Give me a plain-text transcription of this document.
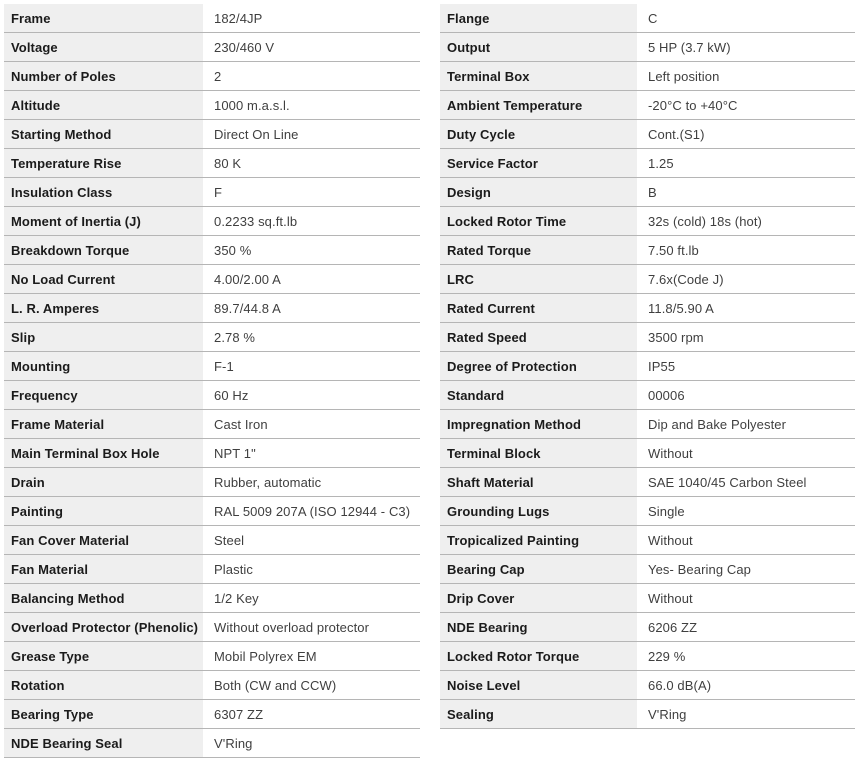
Frame	182/4JP
Voltage	230/460 V
Number of Poles	2
Altitude	1000 m.a.s.l.
Starting Method	Direct On Line
Temperature Rise	80 K
Insulation Class	F
Moment of Inertia (J)	0.2233 sq.ft.lb
Breakdown Torque	350 %
No Load Current	4.00/2.00 A
L. R. Amperes	89.7/44.8 A
Slip	2.78 %
Mounting	F-1
Frequency	60 Hz
Frame Material	Cast Iron
Main Terminal Box Hole	NPT 1"
Drain	Rubber, automatic
Painting	RAL 5009 207A (ISO 12944 - C3)
Fan Cover Material	Steel
Fan Material	Plastic
Balancing Method	1/2 Key
Overload Protector (Phenolic)	Without overload protector
Grease Type	Mobil Polyrex EM
Rotation	Both (CW and CCW)
Bearing Type	6307 ZZ
NDE Bearing Seal	V'Ring
Flange	C
Output	5 HP (3.7 kW)
Terminal Box	Left position
Ambient Temperature	-20°C to +40°C
Duty Cycle	Cont.(S1)
Service Factor	1.25
Design	B
Locked Rotor Time	32s (cold) 18s (hot)
Rated Torque	7.50 ft.lb
LRC	7.6x(Code J)
Rated Current	11.8/5.90 A
Rated Speed	3500 rpm
Degree of Protection	IP55
Standard	00006
Impregnation Method	Dip and Bake Polyester
Terminal Block	Without
Shaft Material	SAE 1040/45 Carbon Steel
Grounding Lugs	Single
Tropicalized Painting	Without
Bearing Cap	Yes- Bearing Cap
Drip Cover	Without
NDE Bearing	6206 ZZ
Locked Rotor Torque	229 %
Noise Level	66.0 dB(A)
Sealing	V'Ring
